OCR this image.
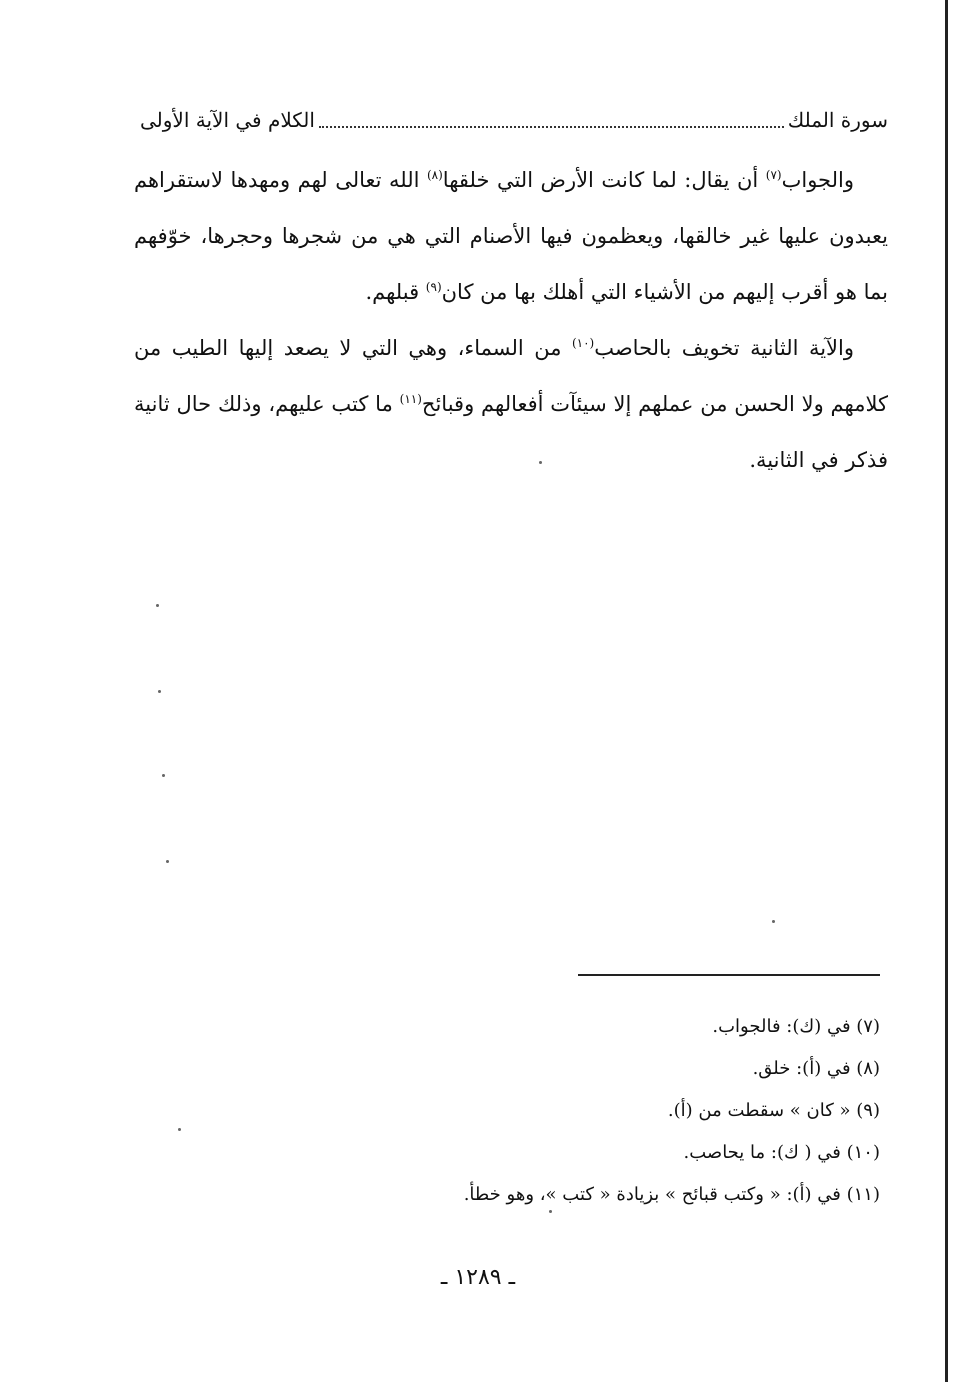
سورة الملك
الكلام في الآية الأولى

والجواب$^{(٧)}$ أن يقال: لما كانت الأرض التي خلقها$^{(٨)}$ الله تعالى لهم ومهدها لاستقراهم يعبدون عليها غير خالقها، ويعظمون فيها الأصنام التي هي من شجرها وحجرها، خوّفهم بما هو أقرب إليهم من الأشياء التي أهلك بها من كان$^{(٩)}$ قبلهم.

والآية الثانية تخويف بالحاصب$^{(١٠)}$ من السماء، وهي التي لا يصعد إليها الطيب من كلامهم ولا الحسن من عملهم إلا سيئآت أفعالهم وقبائح$^{(١١)}$ ما كتب عليهم، وذلك حال ثانية فذكر في الثانية.

(٧) في (ك): فالجواب.

(٨) في (أ): خلق.

(٩) « كان » سقطت من (أ).

(١٠) في ( ك): ما يحاصب.

(١١) في (أ): « وكتب قبائح » بزيادة « كتب »، وهو خطأ.

ـ ١٢٨٩ ـ
